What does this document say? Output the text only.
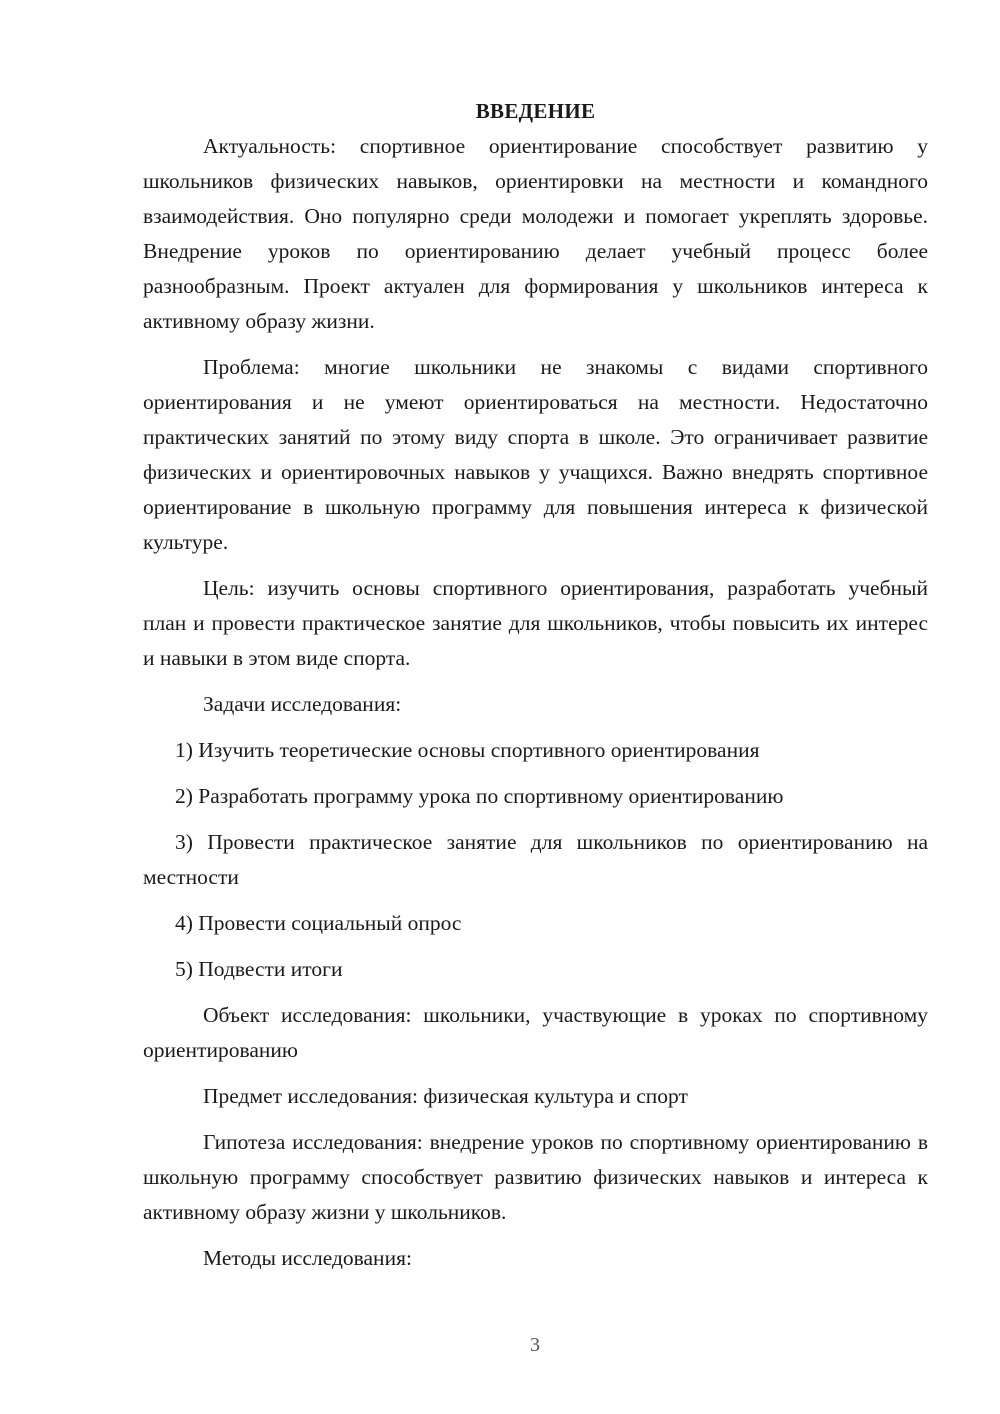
ВВЕДЕНИЕ

Актуальность: спортивное ориентирование способствует развитию у школьников физических навыков, ориентировки на местности и командного взаимодействия. Оно популярно среди молодежи и помогает укреплять здоровье. Внедрение уроков по ориентированию делает учебный процесс более разнообразным. Проект актуален для формирования у школьников интереса к активному образу жизни.

Проблема: многие школьники не знакомы с видами спортивного ориентирования и не умеют ориентироваться на местности. Недостаточно практических занятий по этому виду спорта в школе. Это ограничивает развитие физических и ориентировочных навыков у учащихся. Важно внедрять спортивное ориентирование в школьную программу для повышения интереса к физической культуре.

Цель: изучить основы спортивного ориентирования, разработать учебный план и провести практическое занятие для школьников, чтобы повысить их интерес и навыки в этом виде спорта.

Задачи исследования:

1) Изучить теоретические основы спортивного ориентирования

2) Разработать программу урока по спортивному ориентированию

3) Провести практическое занятие для школьников по ориентированию на местности

4) Провести социальный опрос

5) Подвести итоги

Объект исследования: школьники, участвующие в уроках по спортивному ориентированию

Предмет исследования: физическая культура и спорт

Гипотеза исследования: внедрение уроков по спортивному ориентированию в школьную программу способствует развитию физических навыков и интереса к активному образу жизни у школьников.

Методы исследования:

3
